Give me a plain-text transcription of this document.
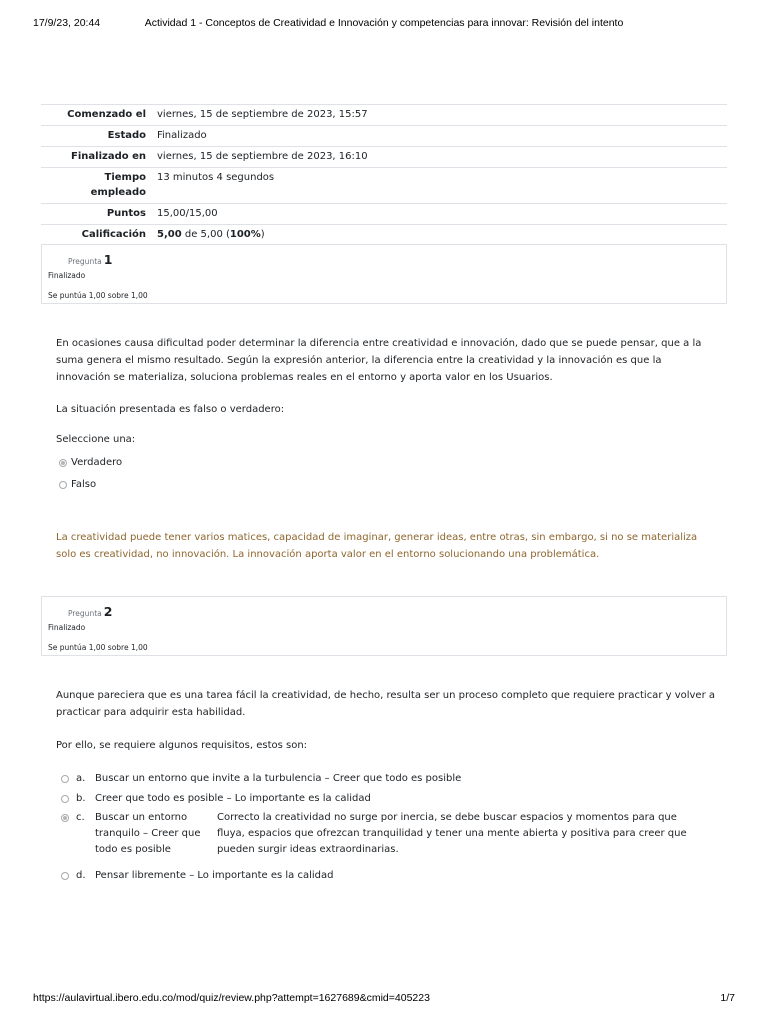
17/9/23, 20:44	Actividad 1 - Conceptos de Creatividad e Innovación y competencias para innovar: Revisión del intento
Comenzado el	viernes, 15 de septiembre de 2023, 15:57
Estado	Finalizado
Finalizado en	viernes, 15 de septiembre de 2023, 16:10
Tiempo empleado	13 minutos 4 segundos
Puntos	15,00/15,00
Calificación	5,00 de 5,00 (100%)
Pregunta 1
Finalizado
Se puntúa 1,00 sobre 1,00

En ocasiones causa dificultad poder determinar la diferencia entre creatividad e innovación, dado que se puede pensar, que a la suma genera el mismo resultado. Según la expresión anterior, la diferencia entre la creatividad y la innovación es que la innovación se materializa, soluciona problemas reales en el entorno y aporta valor en los Usuarios.

La situación presentada es falso o verdadero:

Seleccione una:

Verdadero
Falso

La creatividad puede tener varios matices, capacidad de imaginar, generar ideas, entre otras, sin embargo, si no se materializa solo es creatividad, no innovación. La innovación aporta valor en el entorno solucionando una problemática.

Pregunta 2
Finalizado
Se puntúa 1,00 sobre 1,00

Aunque pareciera que es una tarea fácil la creatividad, de hecho, resulta ser un proceso completo que requiere practicar y volver a practicar para adquirir esta habilidad.

Por ello, se requiere algunos requisitos, estos son:

a. Buscar un entorno que invite a la turbulencia – Creer que todo es posible
b. Creer que todo es posible – Lo importante es la calidad
c. Buscar un entorno tranquilo – Creer que todo es posible
Correcto la creatividad no surge por inercia, se debe buscar espacios y momentos para que fluya, espacios que ofrezcan tranquilidad y tener una mente abierta y positiva para creer que pueden surgir ideas extraordinarias.
d. Pensar libremente – Lo importante es la calidad
https://aulavirtual.ibero.edu.co/mod/quiz/review.php?attempt=1627689&cmid=405223	1/7
